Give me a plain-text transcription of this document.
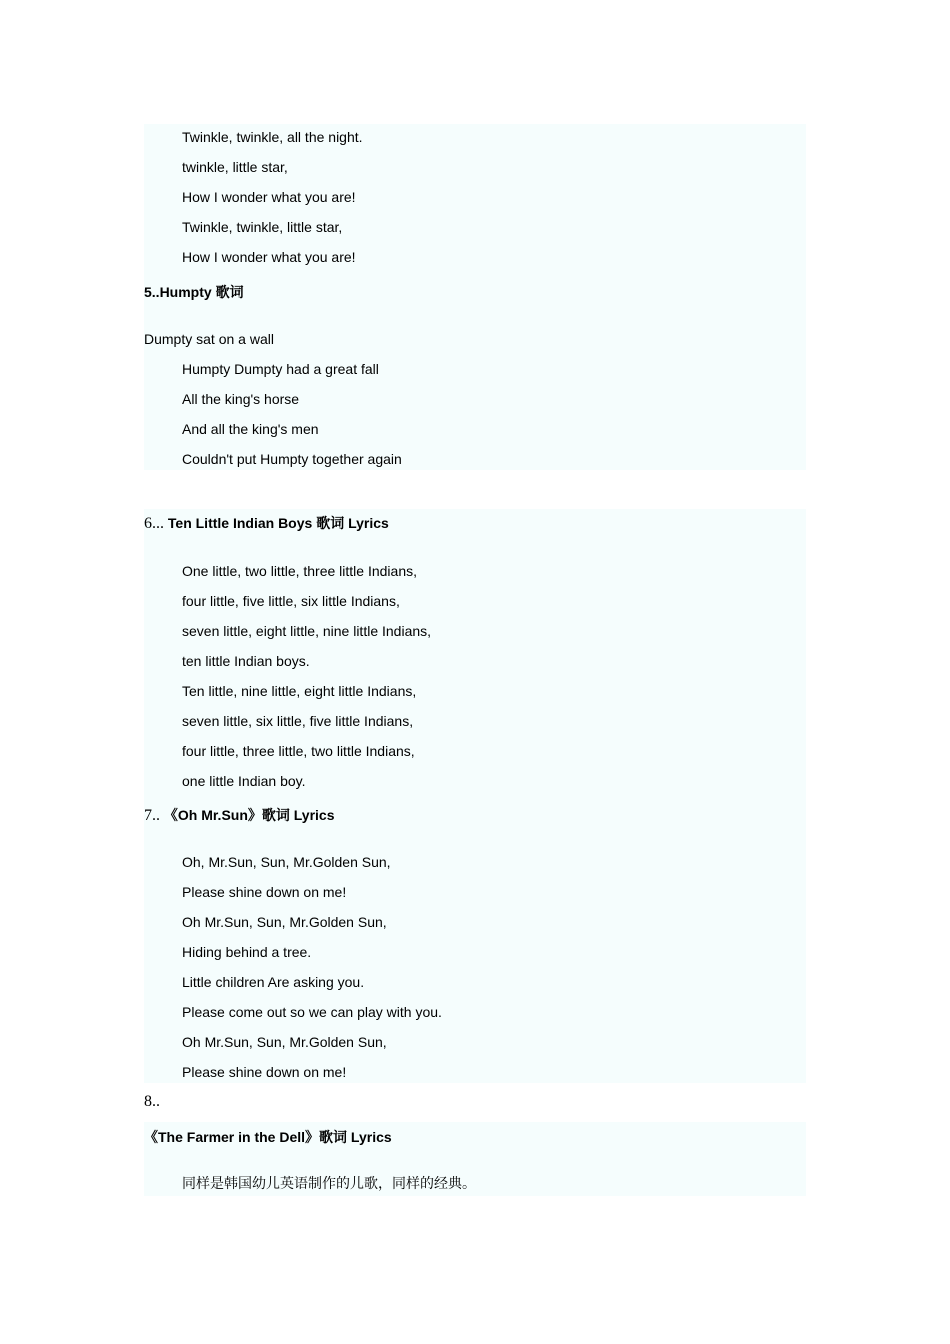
Twinkle, twinkle, all the night.
twinkle, little star,
How I wonder what you are!
Twinkle, twinkle, little star,
How I wonder what you are!
5..Humpty 歌词
Dumpty sat on a wall
Humpty Dumpty had a great fall
All the king's horse
And all the king's men
Couldn't put Humpty together again
6... Ten Little Indian Boys 歌词 Lyrics
One little, two little, three little Indians,
four little, five little, six little Indians,
seven little, eight little, nine little Indians,
ten little Indian boys.
Ten little, nine little, eight little Indians,
seven little, six little, five little Indians,
four little, three little, two little Indians,
one little Indian boy.
7.. 《Oh Mr.Sun》歌词 Lyrics
Oh, Mr.Sun, Sun, Mr.Golden Sun,
Please shine down on me!
Oh Mr.Sun, Sun, Mr.Golden Sun,
Hiding behind a tree.
Little children Are asking you.
Please come out so we can play with you.
Oh Mr.Sun, Sun, Mr.Golden Sun,
Please shine down on me!
8..
《The Farmer in the Dell》歌词 Lyrics
同样是韩国幼儿英语制作的儿歌，同样的经典。
